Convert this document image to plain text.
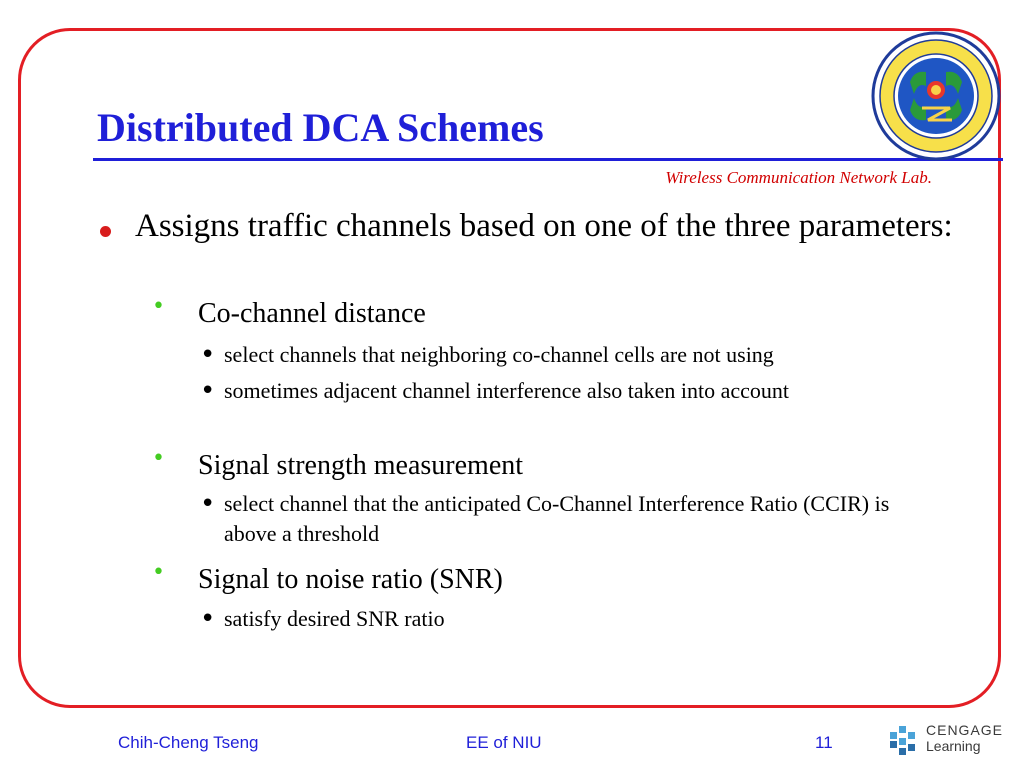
Distributed DCA Schemes
Wireless Communication Network Lab.
Assigns traffic channels based on one of the three parameters:
• Co-channel distance
• select channels that neighboring co-channel cells are not using
• sometimes adjacent channel interference also taken into account
• Signal strength measurement
• select channel that the anticipated Co-Channel Interference Ratio (CCIR) is above a threshold
• Signal to noise ratio (SNR)
• satisfy desired SNR ratio
Chih-Cheng Tseng	EE of NIU	11
CENGAGE
Learning
